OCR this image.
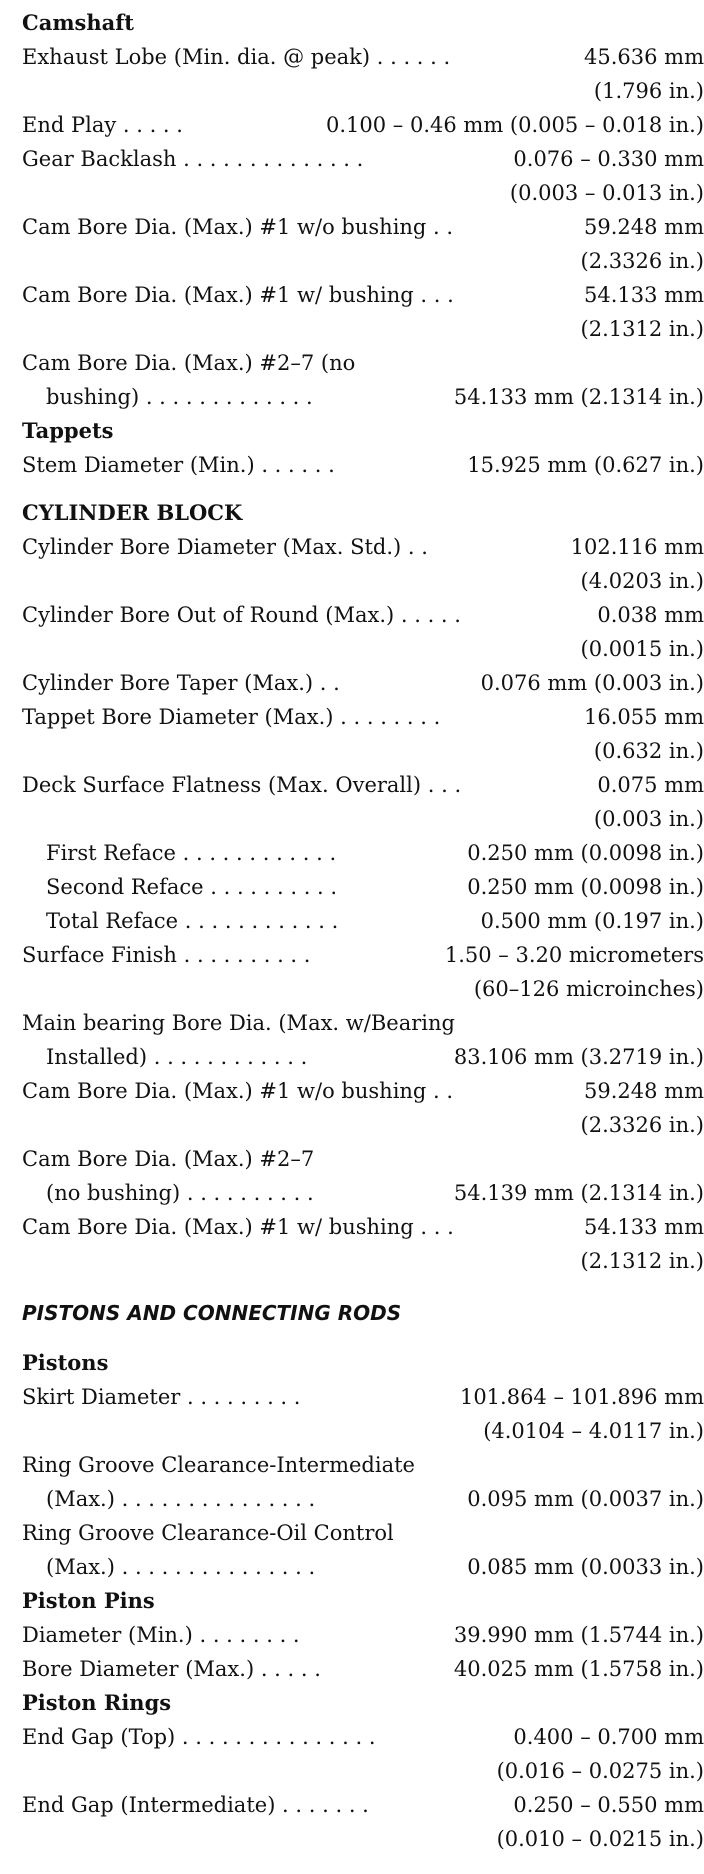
Camshaft
Exhaust Lobe (Min. dia. @ peak) . . . . . .	45.636 mm
(1.796 in.)
End Play . . . . .	0.100 – 0.46 mm (0.005 – 0.018 in.)
Gear Backlash . . . . . . . . . . . . . .	0.076 – 0.330 mm
(0.003 – 0.013 in.)
Cam Bore Dia. (Max.) #1 w/o bushing . .	59.248 mm
(2.3326 in.)
Cam Bore Dia. (Max.) #1 w/ bushing . . .	54.133 mm
(2.1312 in.)
Cam Bore Dia. (Max.) #2–7 (no
bushing) . . . . . . . . . . . . .	54.133 mm (2.1314 in.)
Tappets
Stem Diameter (Min.) . . . . . .	15.925 mm (0.627 in.)
CYLINDER BLOCK
Cylinder Bore Diameter (Max. Std.) . .	102.116 mm
(4.0203 in.)
Cylinder Bore Out of Round (Max.) . . . . .	0.038 mm
(0.0015 in.)
Cylinder Bore Taper (Max.) . .	0.076 mm (0.003 in.)
Tappet Bore Diameter (Max.) . . . . . . . .	16.055 mm
(0.632 in.)
Deck Surface Flatness (Max. Overall) . . .	0.075 mm
(0.003 in.)
First Reface . . . . . . . . . . . .	0.250 mm (0.0098 in.)
Second Reface . . . . . . . . . .	0.250 mm (0.0098 in.)
Total Reface . . . . . . . . . . . .	0.500 mm (0.197 in.)
Surface Finish . . . . . . . . . .	1.50 – 3.20 micrometers
(60–126 microinches)
Main bearing Bore Dia. (Max. w/Bearing
Installed) . . . . . . . . . . . .	83.106 mm (3.2719 in.)
Cam Bore Dia. (Max.) #1 w/o bushing . .	59.248 mm
(2.3326 in.)
Cam Bore Dia. (Max.) #2–7
(no bushing) . . . . . . . . . .	54.139 mm (2.1314 in.)
Cam Bore Dia. (Max.) #1 w/ bushing . . .	54.133 mm
(2.1312 in.)
PISTONS AND CONNECTING RODS
Pistons
Skirt Diameter . . . . . . . . .	101.864 – 101.896 mm
(4.0104 – 4.0117 in.)
Ring Groove Clearance-Intermediate
(Max.) . . . . . . . . . . . . . . .	0.095 mm (0.0037 in.)
Ring Groove Clearance-Oil Control
(Max.) . . . . . . . . . . . . . . .	0.085 mm (0.0033 in.)
Piston Pins
Diameter (Min.) . . . . . . . .	39.990 mm (1.5744 in.)
Bore Diameter (Max.) . . . . .	40.025 mm (1.5758 in.)
Piston Rings
End Gap (Top) . . . . . . . . . . . . . . .	0.400 – 0.700 mm
(0.016 – 0.0275 in.)
End Gap (Intermediate) . . . . . . .	0.250 – 0.550 mm
(0.010 – 0.0215 in.)
